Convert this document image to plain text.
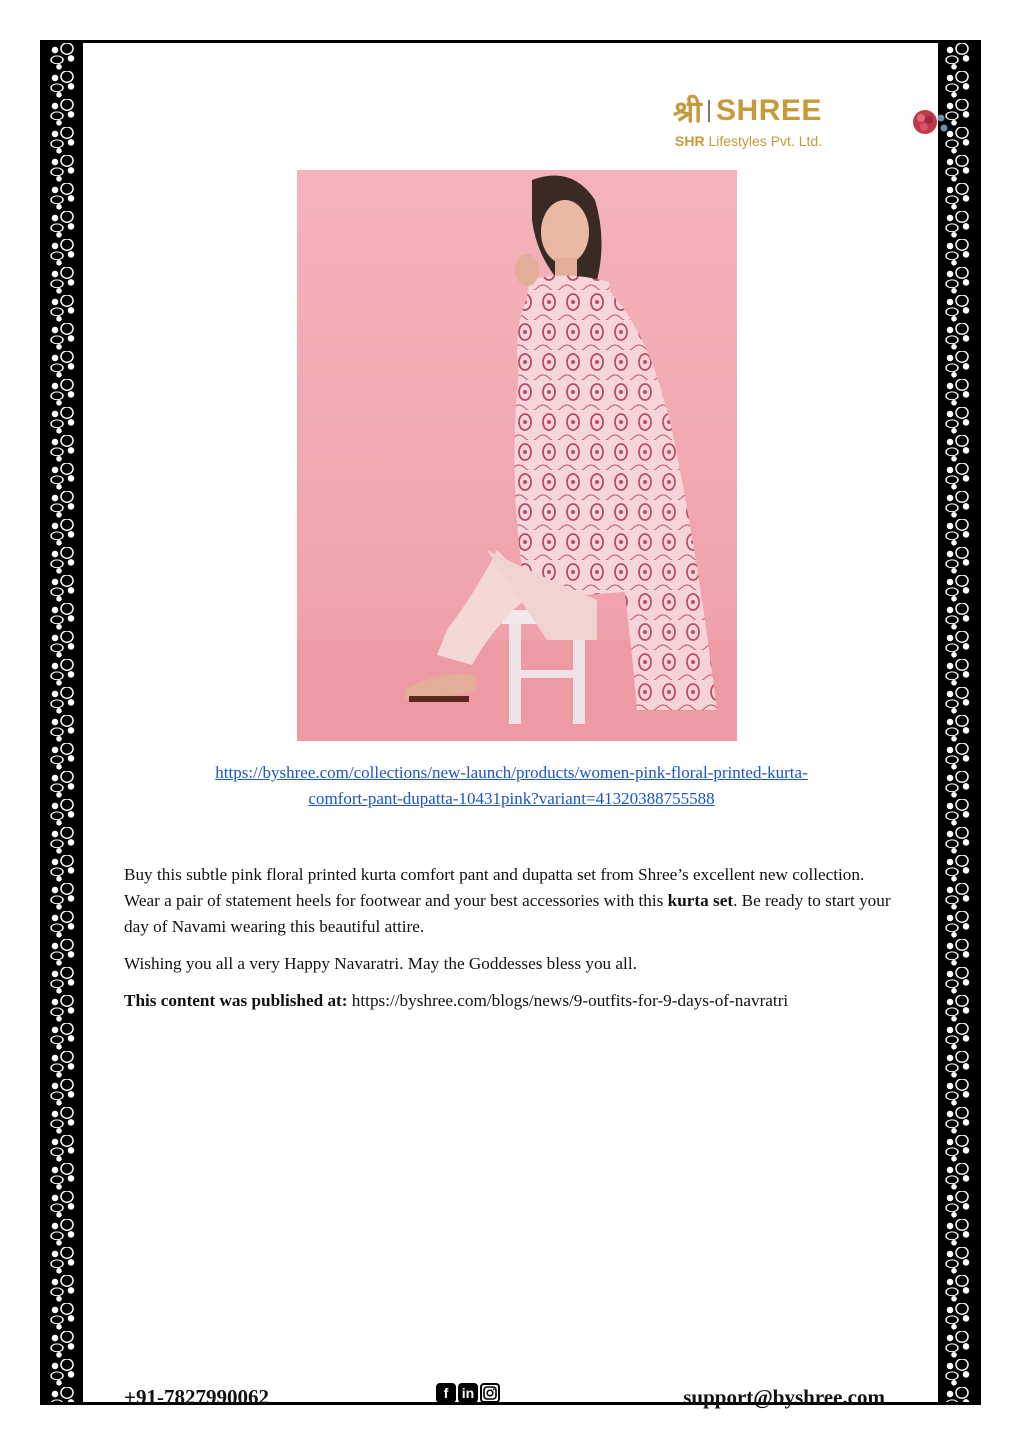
श्री SHREE
SHR Lifestyles Pvt. Ltd.
https://byshree.com/collections/new-launch/products/women-pink-floral-printed-kurta-
comfort-pant-dupatta-10431pink?variant=41320388755588

Buy this subtle pink floral printed kurta comfort pant and dupatta set from Shree’s excellent new collection. Wear a pair of statement heels for footwear and your best accessories with this kurta set. Be ready to start your day of Navami wearing this beautiful attire.

Wishing you all a very Happy Navaratri. May the Goddesses bless you all.

This content was published at: https://byshree.com/blogs/news/9-outfits-for-9-days-of-navratri

+91-7827990062	f in	support@byshree.com
